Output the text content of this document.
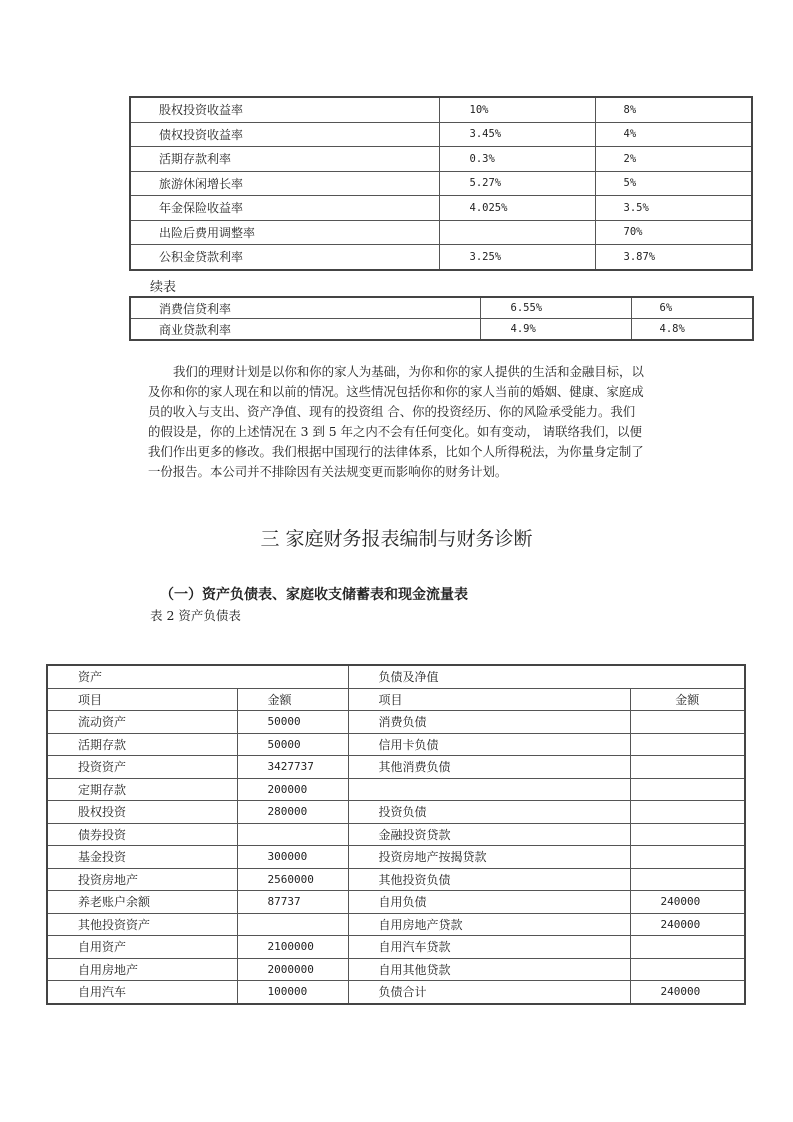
股权投资收益率	10%	8%
债权投资收益率	3.45%	4%
活期存款利率	0.3%	2%
旅游休闲增长率	5.27%	5%
年金保险收益率	4.025%	3.5%
出险后费用调整率		70%
公积金贷款利率	3.25%	3.87%
续表
消费信贷利率	6.55%	6%
商业贷款利率	4.9%	4.8%
我们的理财计划是以你和你的家人为基础，为你和你的家人提供的生活和金融目标，以
及你和你的家人现在和以前的情况。这些情况包括你和你的家人当前的婚姻、健康、家庭成
员的收入与支出、资产净值、现有的投资组 合、你的投资经历、你的风险承受能力。我们
的假设是，你的上述情况在 3 到 5 年之内不会有任何变化。如有变动， 请联络我们，以便
我们作出更多的修改。我们根据中国现行的法律体系，比如个人所得税法，为你量身定制了
一份报告。本公司并不排除因有关法规变更而影响你的财务计划。
三 家庭财务报表编制与财务诊断
（一）资产负债表、家庭收支储蓄表和现金流量表
表 2 资产负债表
资产		负债及净值	
项目	金额	项目	金额
流动资产	50000	消费负债	
活期存款	50000	信用卡负债	
投资资产	3427737	其他消费负债	
定期存款	200000		
股权投资	280000	投资负债	
债券投资		金融投资贷款	
基金投资	300000	投资房地产按揭贷款	
投资房地产	2560000	其他投资负债	
养老账户余额	87737	自用负债	240000
其他投资资产		自用房地产贷款	240000
自用资产	2100000	自用汽车贷款	
自用房地产	2000000	自用其他贷款	
自用汽车	100000	负债合计	240000
